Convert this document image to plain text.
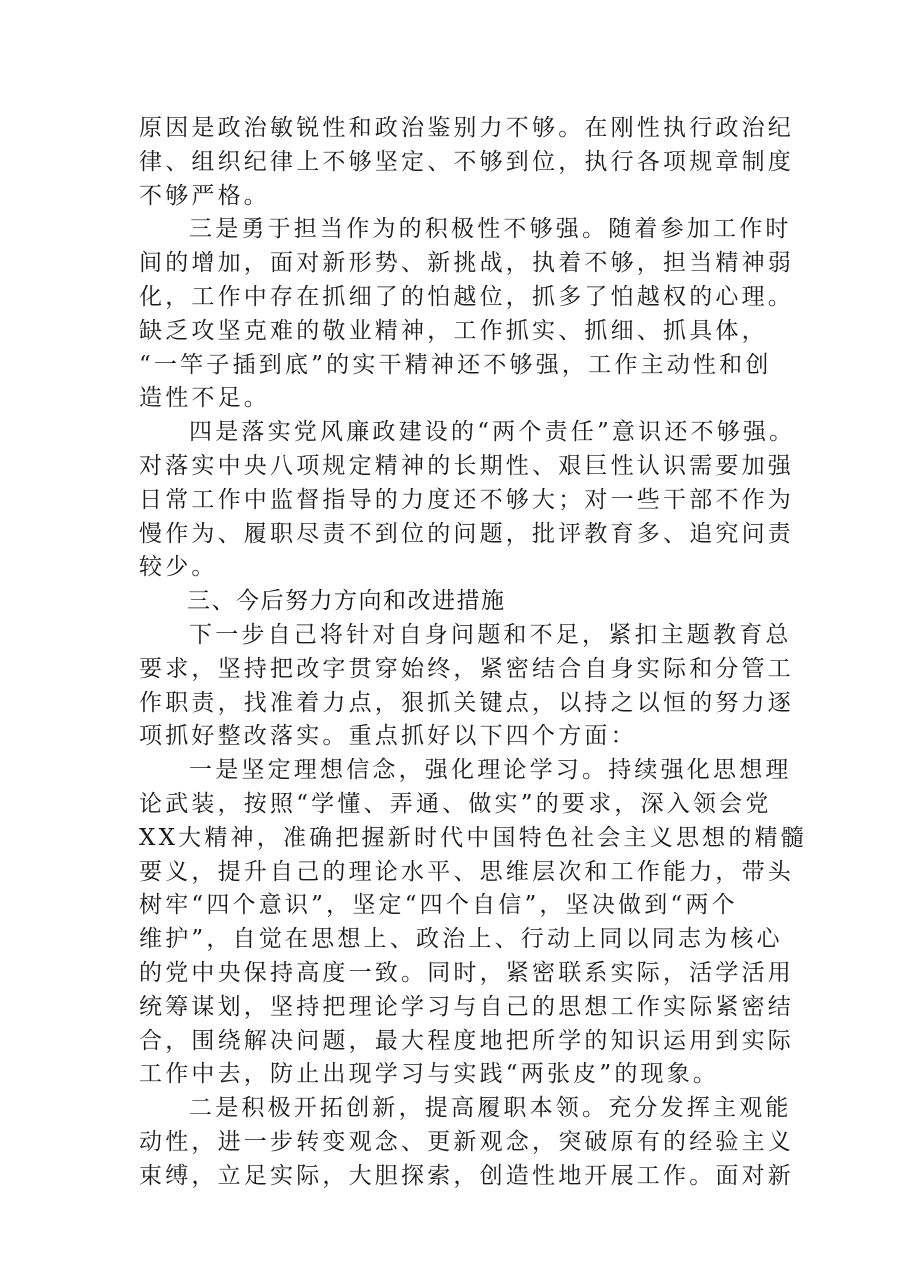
原因是政治敏锐性和政治鉴别力不够。在刚性执行政治纪
律、组织纪律上不够坚定、不够到位，执行各项规章制度
不够严格。
三是勇于担当作为的积极性不够强。随着参加工作时
间的增加，面对新形势、新挑战，执着不够，担当精神弱
化，工作中存在抓细了的怕越位，抓多了怕越权的心理。
缺乏攻坚克难的敬业精神，工作抓实、抓细、抓具体，
“一竿子插到底”的实干精神还不够强，工作主动性和创
造性不足。
四是落实党风廉政建设的“两个责任”意识还不够强。
对落实中央八项规定精神的长期性、艰巨性认识需要加强
日常工作中监督指导的力度还不够大；对一些干部不作为
慢作为、履职尽责不到位的问题，批评教育多、追究问责
较少。
三、今后努力方向和改进措施
下一步自己将针对自身问题和不足，紧扣主题教育总
要求，坚持把改字贯穿始终，紧密结合自身实际和分管工
作职责，找准着力点，狠抓关键点，以持之以恒的努力逐
项抓好整改落实。重点抓好以下四个方面：
一是坚定理想信念，强化理论学习。持续强化思想理
论武装，按照“学懂、弄通、做实”的要求，深入领会党
XX大精神，准确把握新时代中国特色社会主义思想的精髓
要义，提升自己的理论水平、思维层次和工作能力，带头
树牢“四个意识”，坚定“四个自信”，坚决做到“两个
维护”，自觉在思想上、政治上、行动上同以同志为核心
的党中央保持高度一致。同时，紧密联系实际，活学活用
统筹谋划，坚持把理论学习与自己的思想工作实际紧密结
合，围绕解决问题，最大程度地把所学的知识运用到实际
工作中去，防止出现学习与实践“两张皮”的现象。
二是积极开拓创新，提高履职本领。充分发挥主观能
动性，进一步转变观念、更新观念，突破原有的经验主义
束缚，立足实际，大胆探索，创造性地开展工作。面对新
